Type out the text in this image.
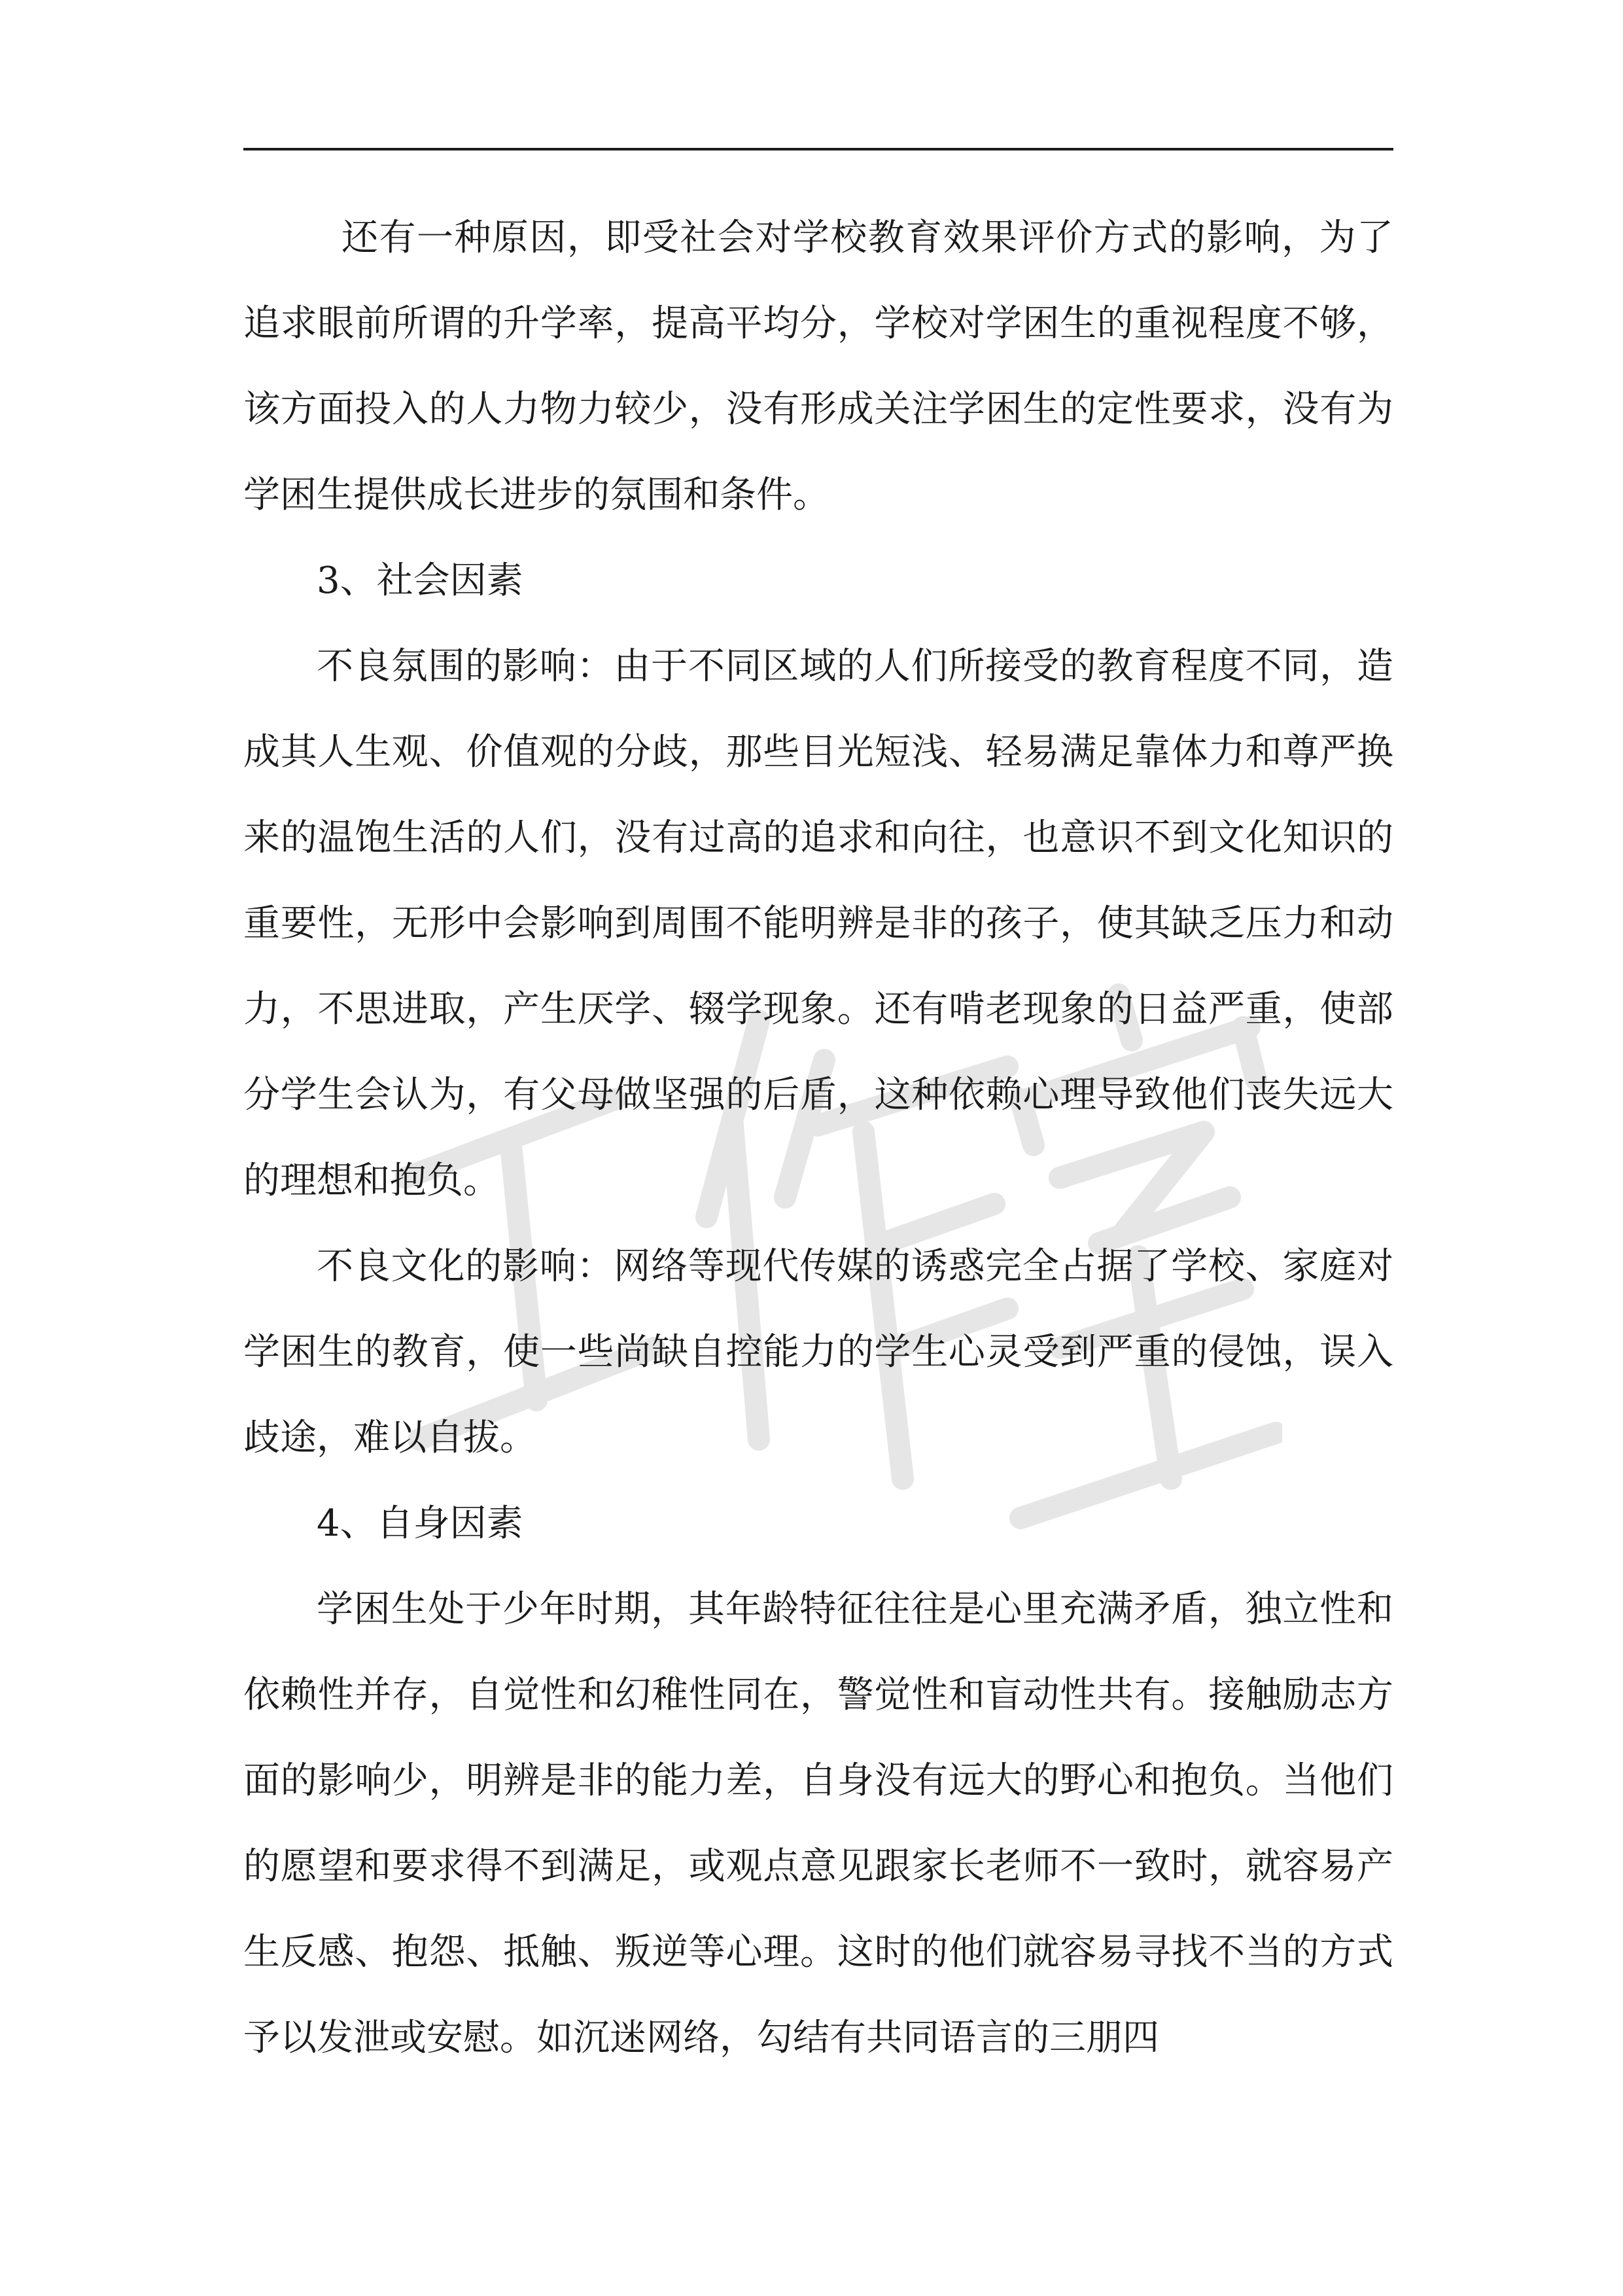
还有一种原因，即受社会对学校教育效果评价方式的影响，为了追求眼前所谓的升学率，提高平均分，学校对学困生的重视程度不够，该方面投入的人力物力较少，没有形成关注学困生的定性要求，没有为学困生提供成长进步的氛围和条件。

3、社会因素

不良氛围的影响：由于不同区域的人们所接受的教育程度不同，造成其人生观、价值观的分歧，那些目光短浅、轻易满足靠体力和尊严换来的温饱生活的人们，没有过高的追求和向往，也意识不到文化知识的重要性，无形中会影响到周围不能明辨是非的孩子，使其缺乏压力和动力，不思进取，产生厌学、辍学现象。还有啃老现象的日益严重，使部分学生会认为，有父母做坚强的后盾，这种依赖心理导致他们丧失远大的理想和抱负。

不良文化的影响：网络等现代传媒的诱惑完全占据了学校、家庭对学困生的教育，使一些尚缺自控能力的学生心灵受到严重的侵蚀，误入歧途，难以自拔。

4、自身因素

学困生处于少年时期，其年龄特征往往是心里充满矛盾，独立性和依赖性并存，自觉性和幻稚性同在，警觉性和盲动性共有。接触励志方面的影响少，明辨是非的能力差，自身没有远大的野心和抱负。当他们的愿望和要求得不到满足，或观点意见跟家长老师不一致时，就容易产生反感、抱怨、抵触、叛逆等心理。这时的他们就容易寻找不当的方式予以发泄或安慰。如沉迷网络，勾结有共同语言的三朋四
